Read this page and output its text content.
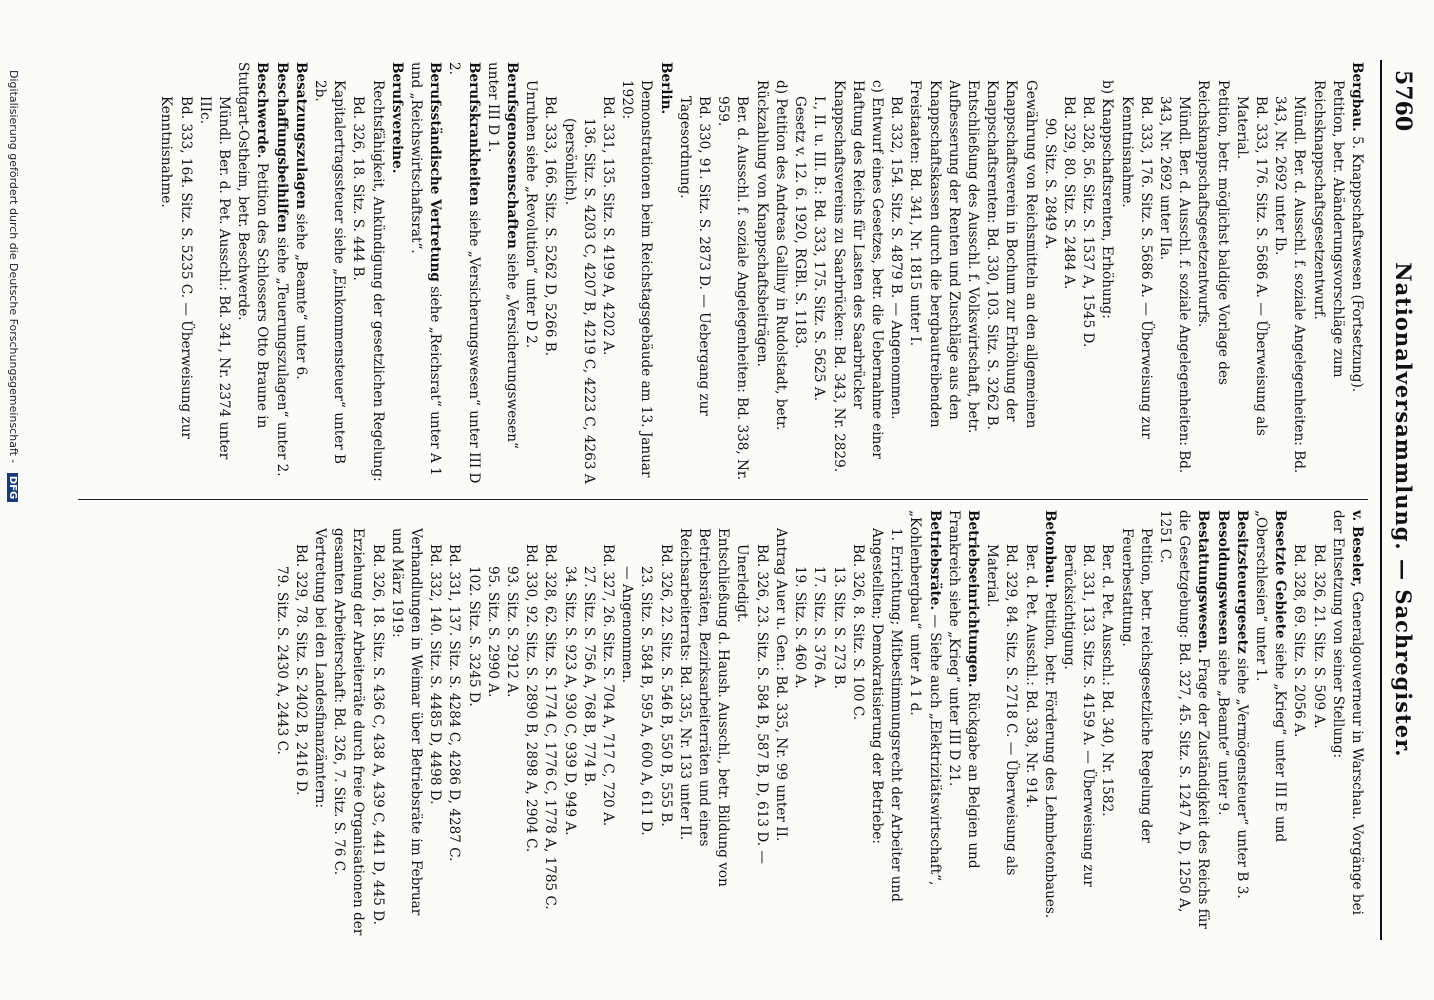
5760
Nationalversammlung. — Sachregister.

Bergbau. 5. Knappschaftswesen (Fortsetzung).

Petition, betr. Abänderungsvorschläge zum Reichsknappschaftsgesetzentwurf.

Mündl. Ber. d. Ausschl. f. soziale Angelegenheiten: Bd. 343, Nr. 2692 unter Ib.

Bd. 333, 176. Sitz. S. 5686 A. — Überweisung als Material.

Petition, betr. möglichst baldige Vorlage des Reichsknappschaftsgesetzentwurfs.

Mündl. Ber. d. Ausschl. f. soziale Angelegenheiten: Bd. 343, Nr. 2692 unter IIa.

Bd. 333, 176. Sitz. S. 5686 A. — Überweisung zur Kenntnisnahme.

b) Knappschaftsrenten, Erhöhung:

Bd. 328, 56. Sitz. S. 1537 A, 1545 D.

Bd. 329, 80. Sitz. S. 2484 A.

90. Sitz. S. 2849 A.

Gewährung von Reichsmitteln an den allgemeinen Knappschaftsverein in Bochum zur Erhöhung der Knappschaftsrenten: Bd. 330, 103. Sitz. S. 3262 B.

Entschließung des Ausschl. f. Volkswirtschaft, betr. Aufbesserung der Renten und Zuschläge aus den Knappschaftskassen durch die bergbautreibenden Freistaaten: Bd. 341, Nr. 1815 unter I.

Bd. 332, 154. Sitz. S. 4879 B. — Angenommen.

c) Entwurf eines Gesetzes, betr. die Uebernahme einer Haftung des Reichs für Lasten des Saarbrücker Knappschaftsvereins zu Saarbrücken: Bd. 343, Nr. 2829.

I., II. u. III. B.: Bd. 333, 175. Sitz. S. 5625 A.

Gesetz v. 12. 6. 1920, RGBl. S. 1183.

d) Petition des Andreas Galliny in Rudolstadt, betr. Rückzahlung von Knappschaftsbeiträgen.

Ber. d. Ausschl. f. soziale Angelegenheiten: Bd. 338, Nr. 959.

Bd. 330, 91. Sitz. S. 2873 D. — Uebergang zur Tagesordnung.

Berlin.

Demonstrationen beim Reichstagsgebäude am 13. Januar 1920:

Bd. 331, 135. Sitz. S. 4199 A, 4202 A.

136. Sitz. S. 4203 C, 4207 B, 4219 C, 4223 C, 4263 A (persönlich).

Bd. 333, 166. Sitz. S. 5262 D, 5266 B.

Unruhen siehe „Revolution“ unter D 2.

Berufsgenossenschaften siehe „Versicherungswesen“ unter III D 1.

Berufskrankheiten siehe „Versicherungswesen“ unter III D 2.

Berufsständische Vertretung siehe „Reichsrat“ unter A 1 und „Reichswirtschaftsrat“.

Berufsvereine.

Rechtsfähigkeit, Ankündigung der gesetzlichen Regelung:

Bd. 326, 18. Sitz. S. 444 B.

Kapitalertragssteuer siehe „Einkommensteuer“ unter B 2b.

Besatzungszulagen siehe „Beamte“ unter 6.

Beschaffungsbeihilfen siehe „Teuerungszulagen“ unter 2.

Beschwerde. Petition des Schlossers Otto Braune in Stuttgart-Ostheim, betr. Beschwerde.

Mündl. Ber. d. Pet. Ausschl.: Bd. 341, Nr. 2374 unter IIIc.

Bd. 333, 164. Sitz. S. 5235 C. — Überweisung zur Kenntnisnahme.

v. Beseler, Generalgouverneur in Warschau. Vorgänge bei der Entsetzung von seiner Stellung:

Bd. 326, 21. Sitz. S. 509 A.

Bd. 328, 69. Sitz. S. 2056 A.

Besetzte Gebiete siehe „Krieg“ unter III E und „Oberschlesien“ unter 1.

Besitzsteuergesetz siehe „Vermögensteuer“ unter B 3.

Besoldungswesen siehe „Beamte“ unter 9.

Bestattungswesen. Frage der Zuständigkeit des Reichs für die Gesetzgebung: Bd. 327, 45. Sitz. S. 1247 A, D, 1250 A, 1251 C.

Petition, betr. reichsgesetzliche Regelung der Feuerbestattung.

Ber. d. Pet. Ausschl.: Bd. 340, Nr. 1582.

Bd. 331, 133. Sitz. S. 4159 A. — Überweisung zur Berücksichtigung.

Betonbau. Petition, betr. Förderung des Lehmbetonbaues.

Ber. d. Pet. Ausschl.: Bd. 338, Nr. 914.

Bd. 329, 84. Sitz. S. 2718 C. — Überweisung als Material.

Betriebseinrichtungen. Rückgabe an Belgien und Frankreich siehe „Krieg“ unter III D 21.

Betriebsräte. — Siehe auch „Elektrizitätswirtschaft“, „Kohlenbergbau“ unter A 1 d.

1. Errichtung; Mitbestimmungsrecht der Arbeiter und Angestellten; Demokratisierung der Betriebe:

Bd. 326, 8. Sitz. S. 100 C.

13. Sitz. S. 273 B.

17. Sitz. S. 376 A.

19. Sitz. S. 460 A.

Antrag Auer u. Gen.: Bd. 335, Nr. 99 unter II.

Bd. 326, 23. Sitz. S. 584 B, 587 B, D, 613 D. — Unerledigt.

Entschließung d. Haush. Ausschl., betr. Bildung von Betriebsräten, Bezirksarbeiterräten und eines Reichsarbeiterrats: Bd. 335, Nr. 133 unter II.

Bd. 326, 22. Sitz. S. 546 B, 550 B, 555 B.

23. Sitz. S. 584 B, 595 A, 600 A, 611 D.

— Angenommen.

Bd. 327, 26. Sitz. S. 704 A, 717 C, 720 A.

27. Sitz. S. 756 A, 768 B, 774 B.

34. Sitz. S. 923 A, 930 C, 939 D, 949 A.

Bd. 328, 62. Sitz. S. 1774 C, 1776 C, 1778 A, 1785 C.

Bd. 330, 92. Sitz. S. 2890 B, 2898 A, 2904 C.

93. Sitz. S. 2912 A.

95. Sitz. S. 2990 A.

102. Sitz. S. 3245 D.

Bd. 331, 137. Sitz. S. 4284 C, 4286 D, 4287 C.

Bd. 332, 140. Sitz. S. 4485 D, 4498 D.

Verhandlungen in Weimar über Betriebsräte im Februar und März 1919:

Bd. 326, 18. Sitz. S. 436 C, 438 A, 439 C, 441 D, 445 D.

Erziehung der Arbeiterräte durch freie Organisationen der gesamten Arbeiterschaft: Bd. 326, 7. Sitz. S. 76 C.

Vertretung bei den Landesfinanzämtern:

Bd. 329, 78. Sitz. S. 2402 B, 2416 D.

79. Sitz. S. 2430 A, 2443 C.

Digitalisierung gefördert durch die Deutsche Forschungsgemeinschaft - DFG
